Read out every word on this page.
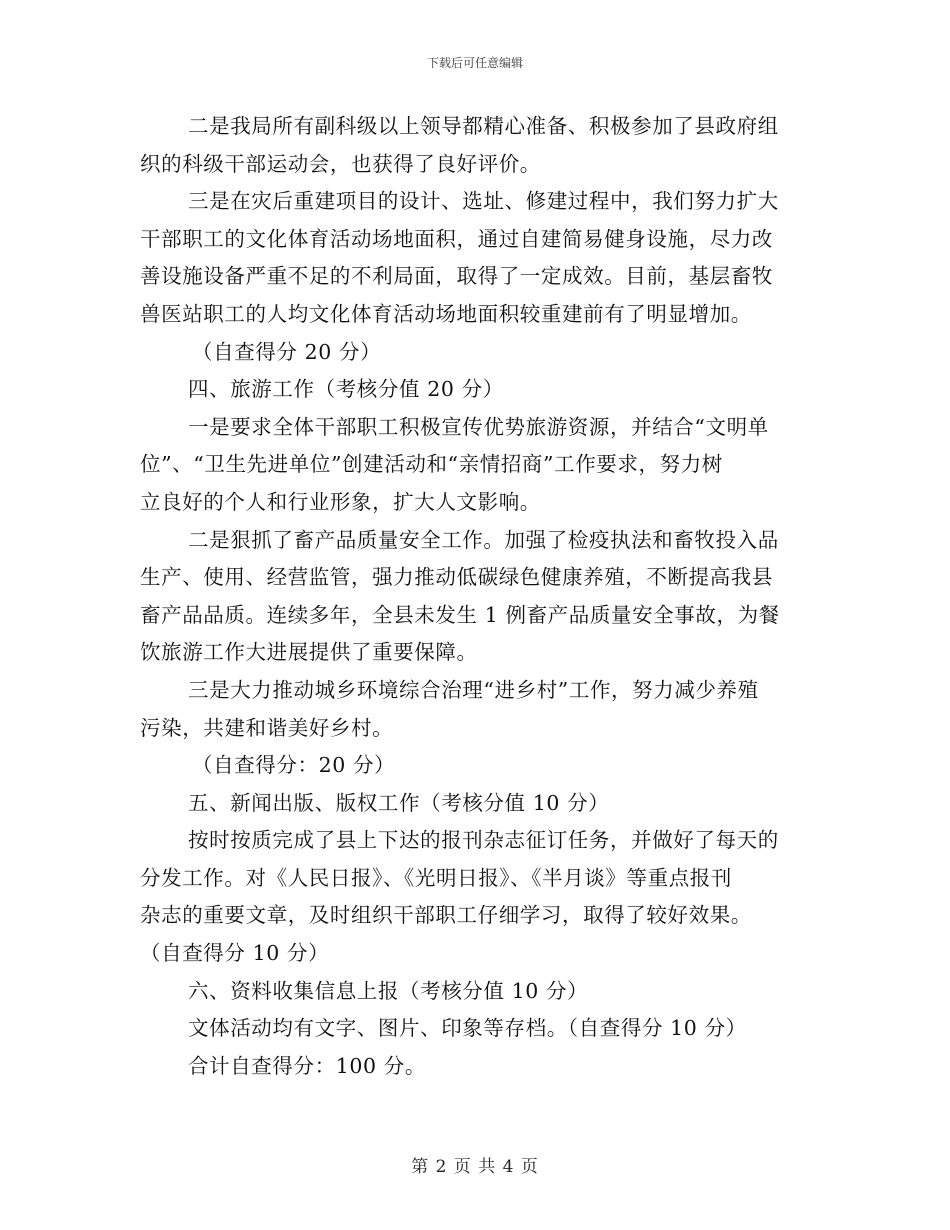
下载后可任意编辑
二是我局所有副科级以上领导都精心准备、积极参加了县政府组
织的科级干部运动会，也获得了良好评价。
三是在灾后重建项目的设计、选址、修建过程中，我们努力扩大
干部职工的文化体育活动场地面积，通过自建简易健身设施，尽力改
善设施设备严重不足的不利局面，取得了一定成效。目前，基层畜牧
兽医站职工的人均文化体育活动场地面积较重建前有了明显增加。
（自查得分 20 分）
四、旅游工作（考核分值 20 分）
一是要求全体干部职工积极宣传优势旅游资源，并结合“文明单
位”、“卫生先进单位”创建活动和“亲情招商”工作要求，努力树
立良好的个人和行业形象，扩大人文影响。
二是狠抓了畜产品质量安全工作。加强了检疫执法和畜牧投入品
生产、使用、经营监管，强力推动低碳绿色健康养殖，不断提高我县
畜产品品质。连续多年，全县未发生 1 例畜产品质量安全事故，为餐
饮旅游工作大进展提供了重要保障。
三是大力推动城乡环境综合治理“进乡村”工作，努力减少养殖
污染，共建和谐美好乡村。
（自查得分：20 分）
五、新闻出版、版权工作（考核分值 10 分）
按时按质完成了县上下达的报刊杂志征订任务，并做好了每天的
分发工作。对《人民日报》、《光明日报》、《半月谈》等重点报刊
杂志的重要文章，及时组织干部职工仔细学习，取得了较好效果。
（自查得分 10 分）
六、资料收集信息上报（考核分值 10 分）
文体活动均有文字、图片、印象等存档。（自查得分 10 分）
合计自查得分：100 分。
第 2 页 共 4 页
